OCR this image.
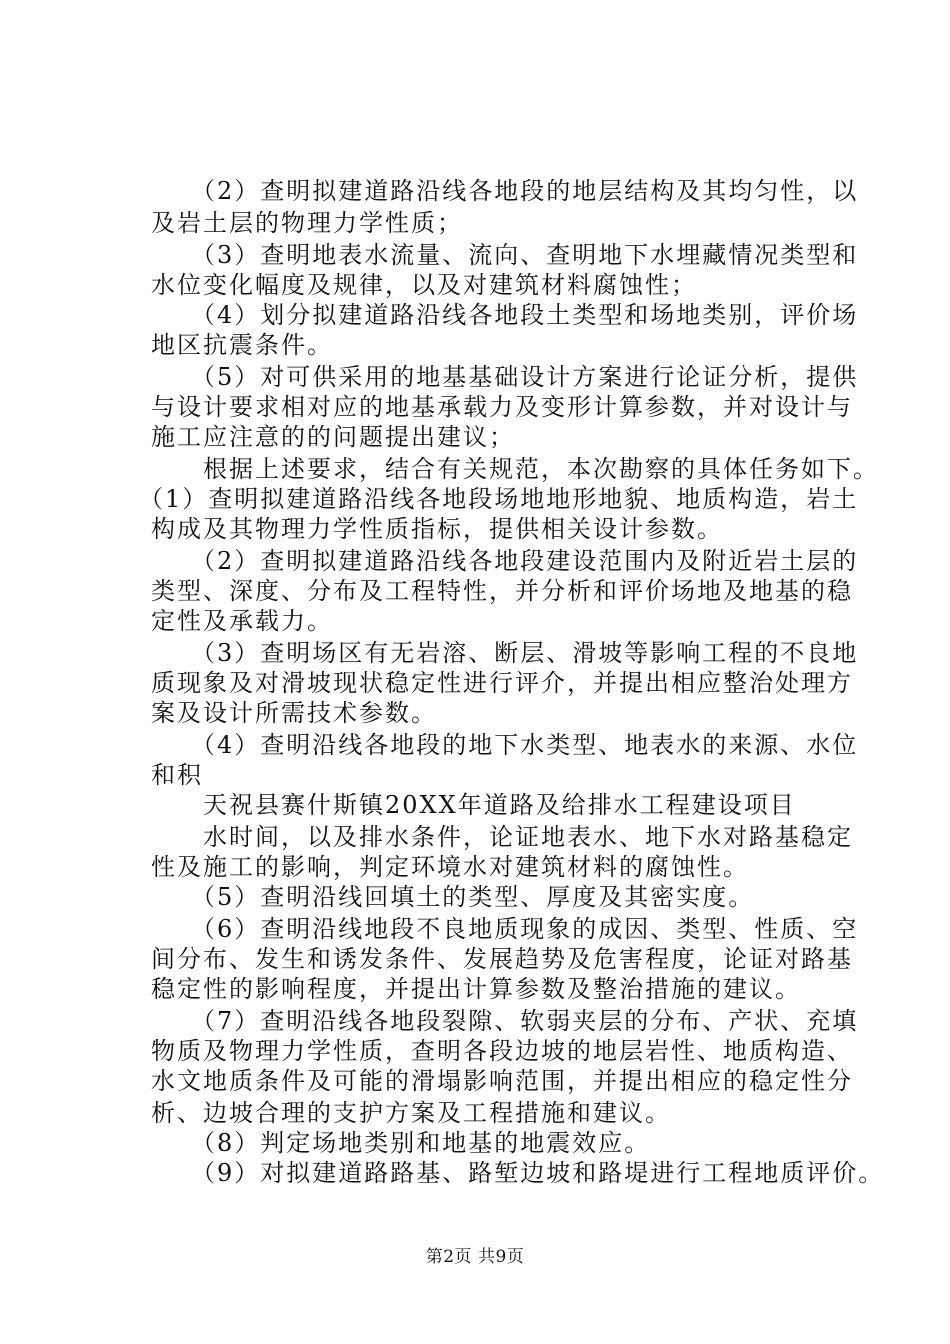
　　（2）查明拟建道路沿线各地段的地层结构及其均匀性，以
及岩土层的物理力学性质；
　　（3）查明地表水流量、流向、查明地下水埋藏情况类型和
水位变化幅度及规律，以及对建筑材料腐蚀性；
　　（4）划分拟建道路沿线各地段土类型和场地类别，评价场
地区抗震条件。
　　（5）对可供采用的地基基础设计方案进行论证分析，提供
与设计要求相对应的地基承载力及变形计算参数，并对设计与
施工应注意的的问题提出建议；
　　根据上述要求，结合有关规范，本次勘察的具体任务如下。
（1）查明拟建道路沿线各地段场地地形地貌、地质构造，岩土
构成及其物理力学性质指标，提供相关设计参数。
　　（2）查明拟建道路沿线各地段建设范围内及附近岩土层的
类型、深度、分布及工程特性，并分析和评价场地及地基的稳
定性及承载力。
　　（3）查明场区有无岩溶、断层、滑坡等影响工程的不良地
质现象及对滑坡现状稳定性进行评介，并提出相应整治处理方
案及设计所需技术参数。
　　（4）查明沿线各地段的地下水类型、地表水的来源、水位
和积
　　天祝县赛什斯镇20XX年道路及给排水工程建设项目
　　水时间，以及排水条件，论证地表水、地下水对路基稳定
性及施工的影响，判定环境水对建筑材料的腐蚀性。
　　（5）查明沿线回填土的类型、厚度及其密实度。
　　（6）查明沿线地段不良地质现象的成因、类型、性质、空
间分布、发生和诱发条件、发展趋势及危害程度，论证对路基
稳定性的影响程度，并提出计算参数及整治措施的建议。
　　（7）查明沿线各地段裂隙、软弱夹层的分布、产状、充填
物质及物理力学性质，查明各段边坡的地层岩性、地质构造、
水文地质条件及可能的滑塌影响范围，并提出相应的稳定性分
析、边坡合理的支护方案及工程措施和建议。
　　（8）判定场地类别和地基的地震效应。
　　（9）对拟建道路路基、路堑边坡和路堤进行工程地质评价。
第2页 共9页
